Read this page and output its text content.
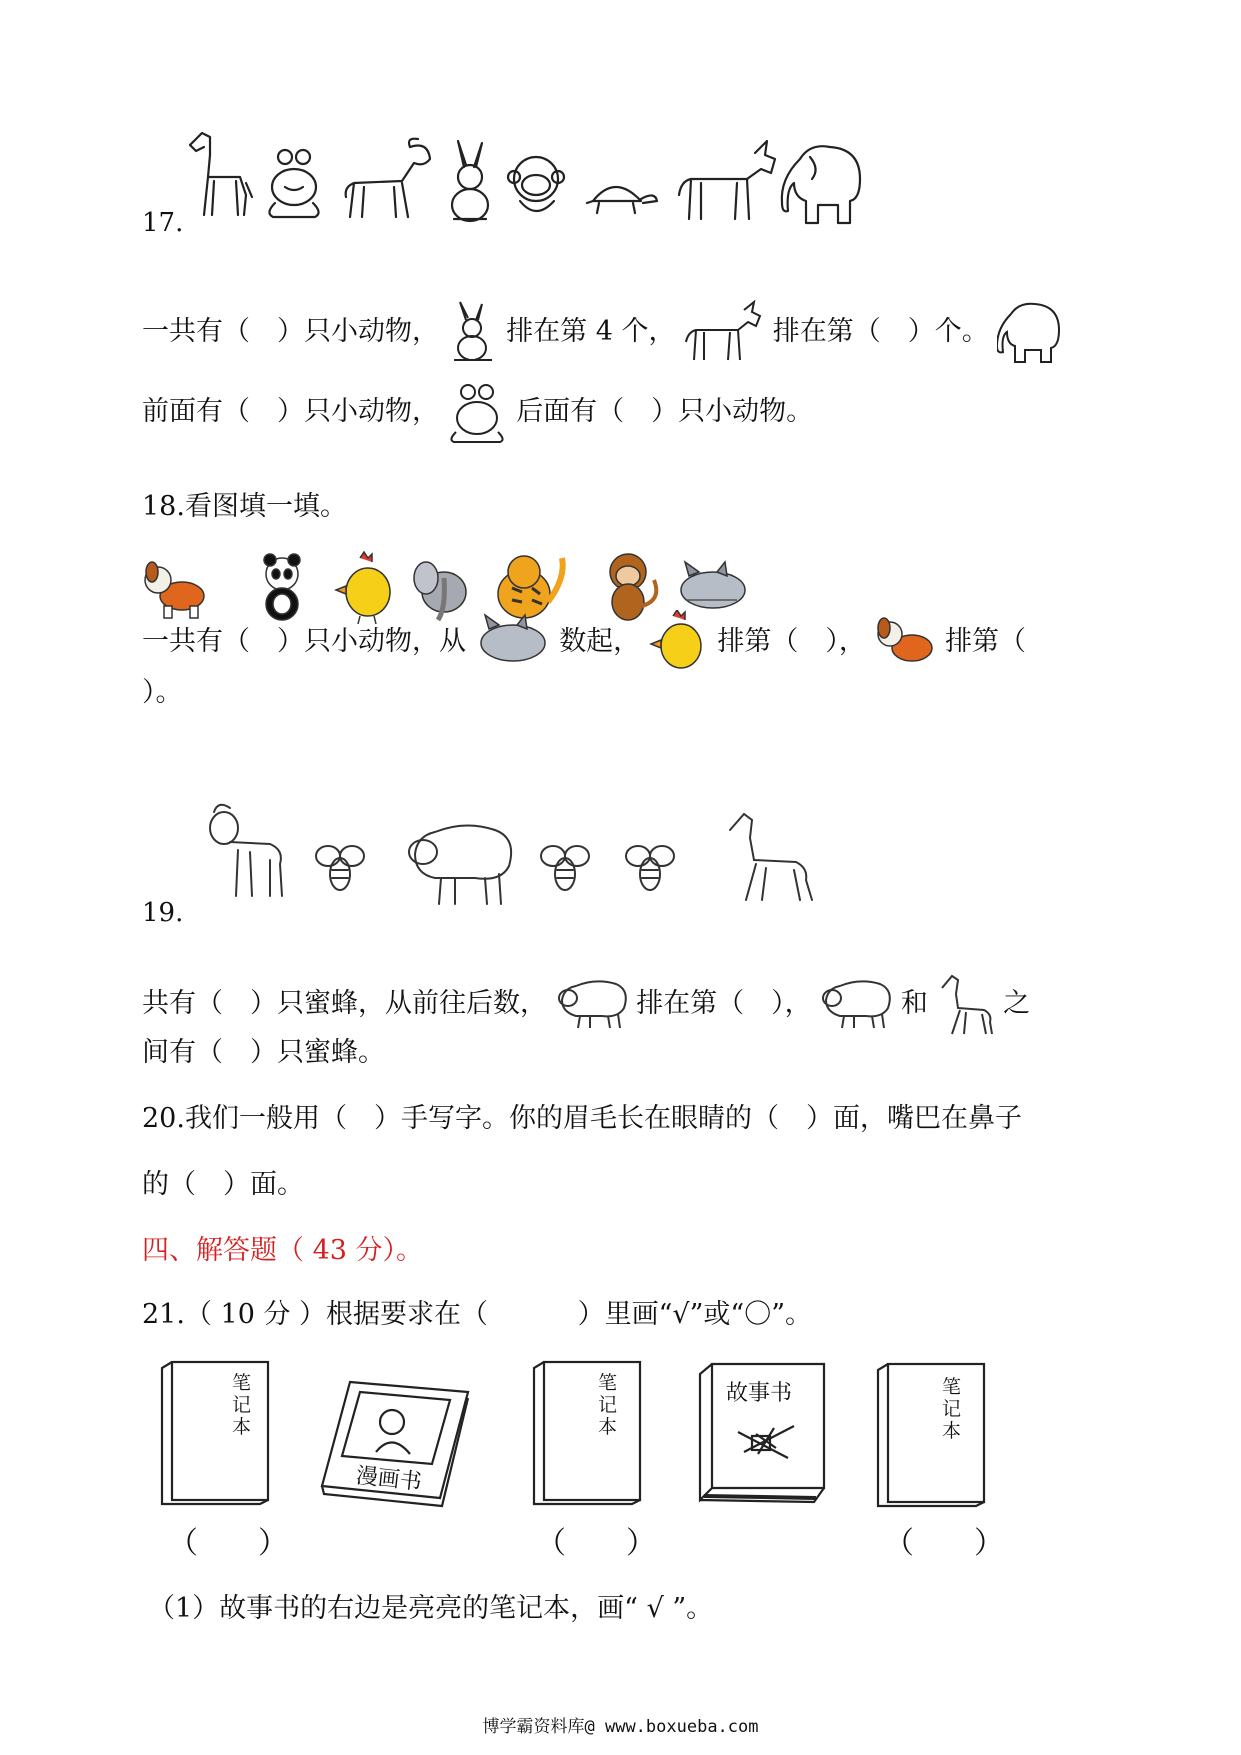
17.
一共有（　）只小动物， 排在第 4 个，	排在第（　）个。
前面有（　）只小动物，	后面有（　）只小动物。
18.看图填一填。
一共有（　）只小动物，从	数起，	排第（　），	排第（
）。
19.
共有（　）只蜜蜂，从前往后数，	排在第（　），	和	之
间有（　）只蜜蜂。
20.我们一般用（　）手写字。你的眉毛长在眼睛的（　）面，嘴巴在鼻子
的（　）面。
四、解答题（ 43 分）。
21.（ 10 分 ）根据要求在（　　　 ）里画“√”或“〇”。
笔记本
漫画书
笔记本
故事书	笔记本
（　　）	（　　）	（　　）
（1）故事书的右边是亮亮的笔记本，画“ √ ”。
博学霸资料库@ www.boxueba.com
